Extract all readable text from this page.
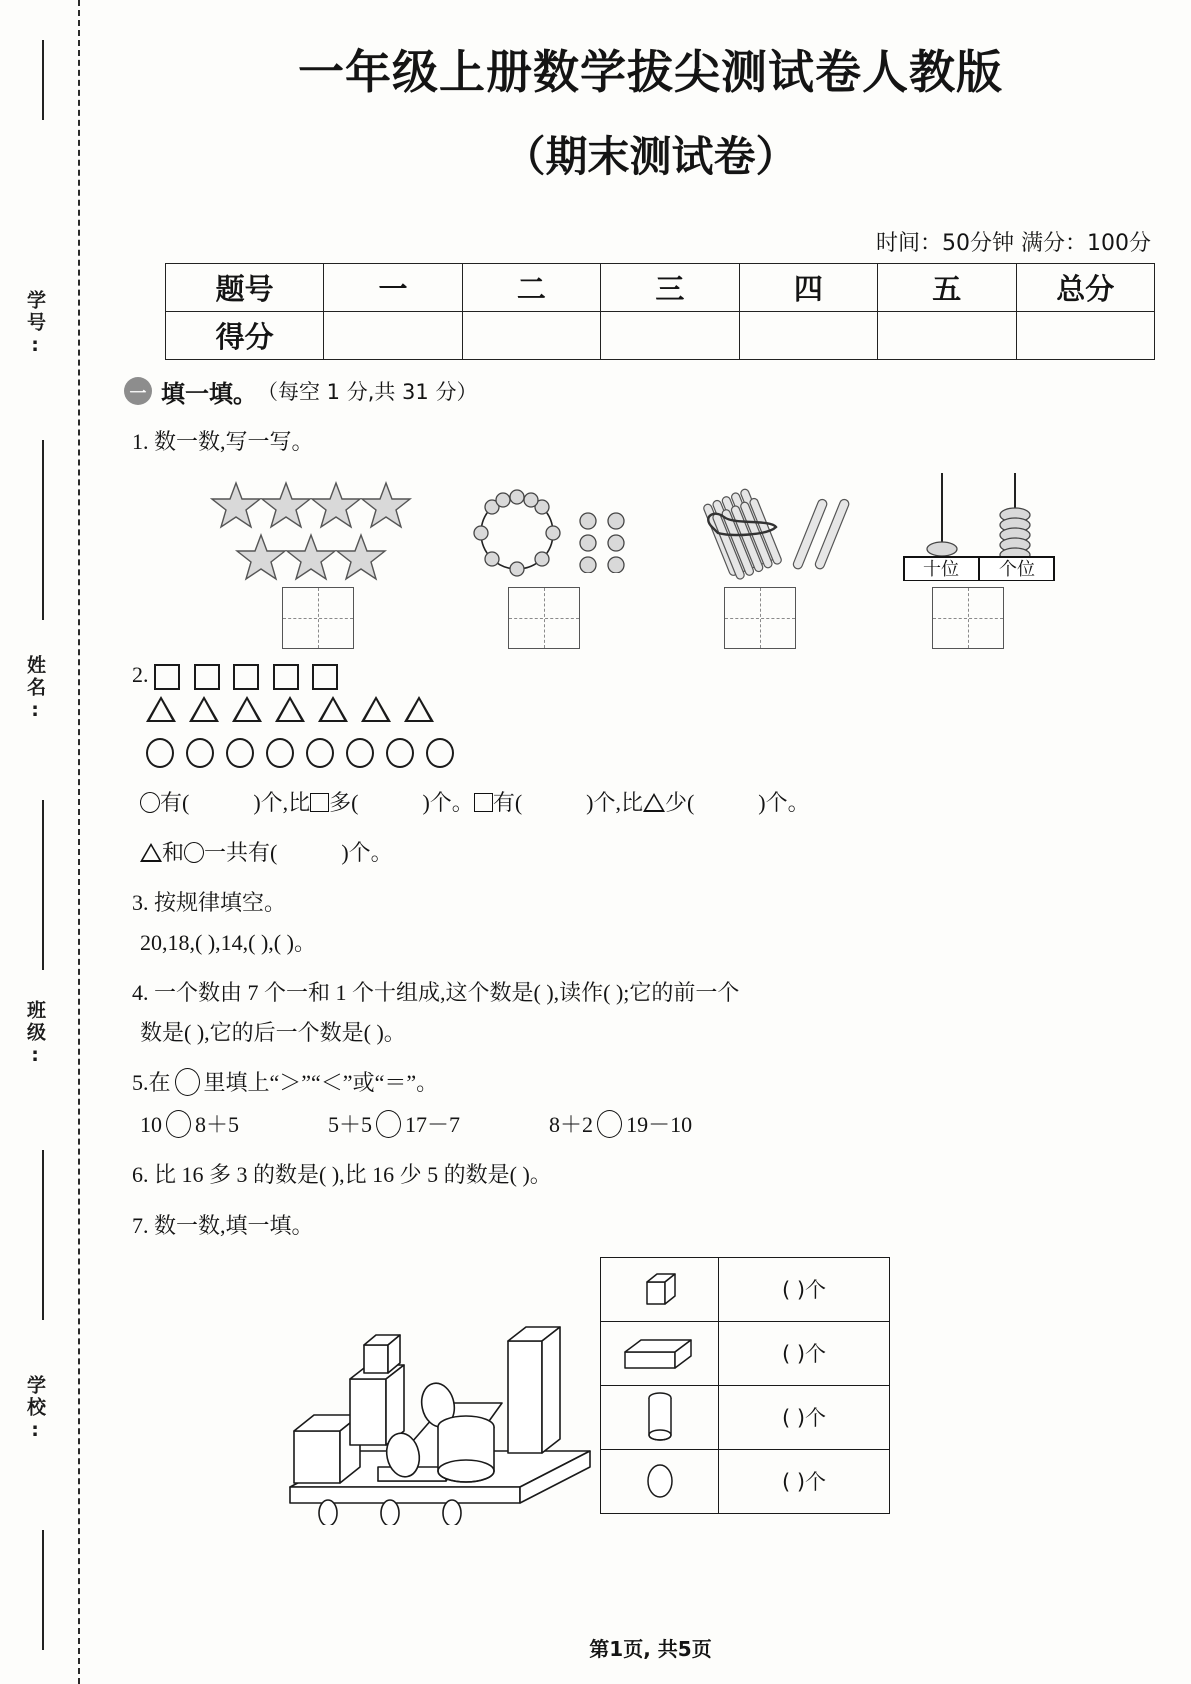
学号:
姓名:
班级:
学校:
一年级上册数学拔尖测试卷人教版
（期末测试卷）
时间：50分钟 满分：100分
题号	一	二	三	四	五	总分
得分						
一 填一填。 （每空 1 分,共 31 分）
1. 数一数,写一写。
十位 个位
2.

有(	)个,比 多(	)个。 有(	)个,比 少(	)个。
和 一共有(	)个。
3. 按规律填空。
20,18,( ),14,( ),( )。
4. 一个数由 7 个一和 1 个十组成,这个数是( ),读作( );它的前一个
数是( ),它的后一个数是( )。
5.在 里填上“＞”“＜”或“＝”。
10 8＋5	5＋5 17－7	8＋2 19－10
6. 比 16 多 3 的数是( ),比 16 少 5 的数是( )。
7. 数一数,填一填。
	( )个

	( )个

	( )个

	( )个
第1页, 共5页
